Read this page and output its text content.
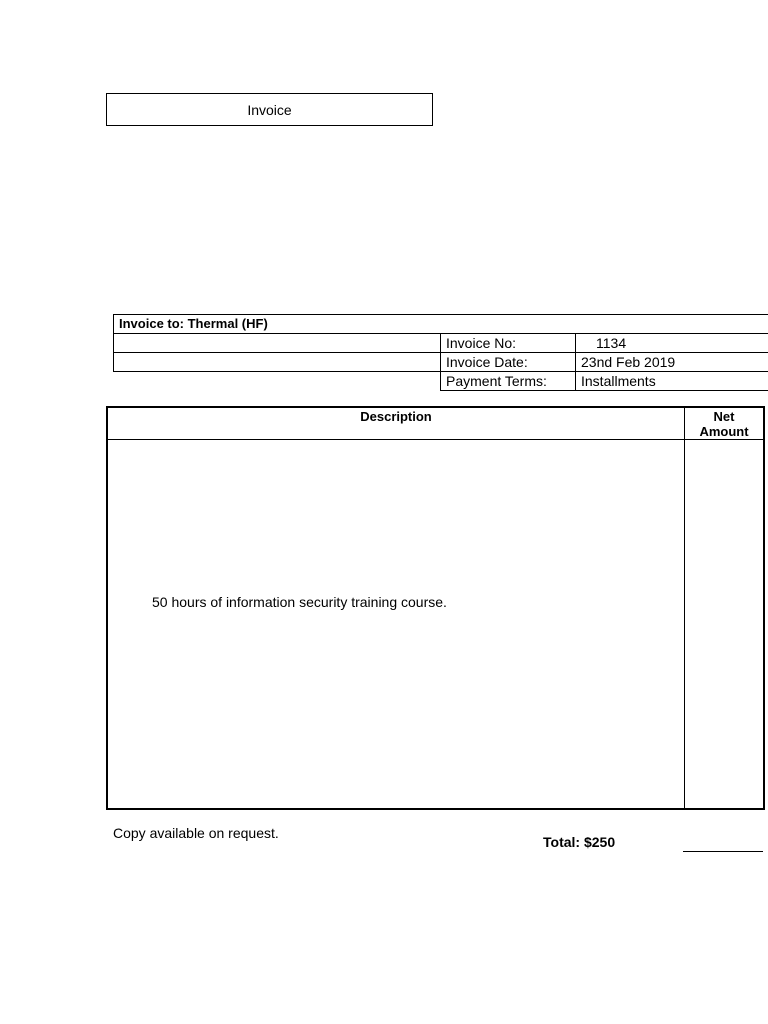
Invoice
Invoice to: Thermal (HF)		
	Invoice No:	1134
	Invoice Date:	23nd Feb 2019
	Payment Terms:	Installments
Description	Net
Amount
50 hours of information security training course.
Copy available on request.
Total: $250
